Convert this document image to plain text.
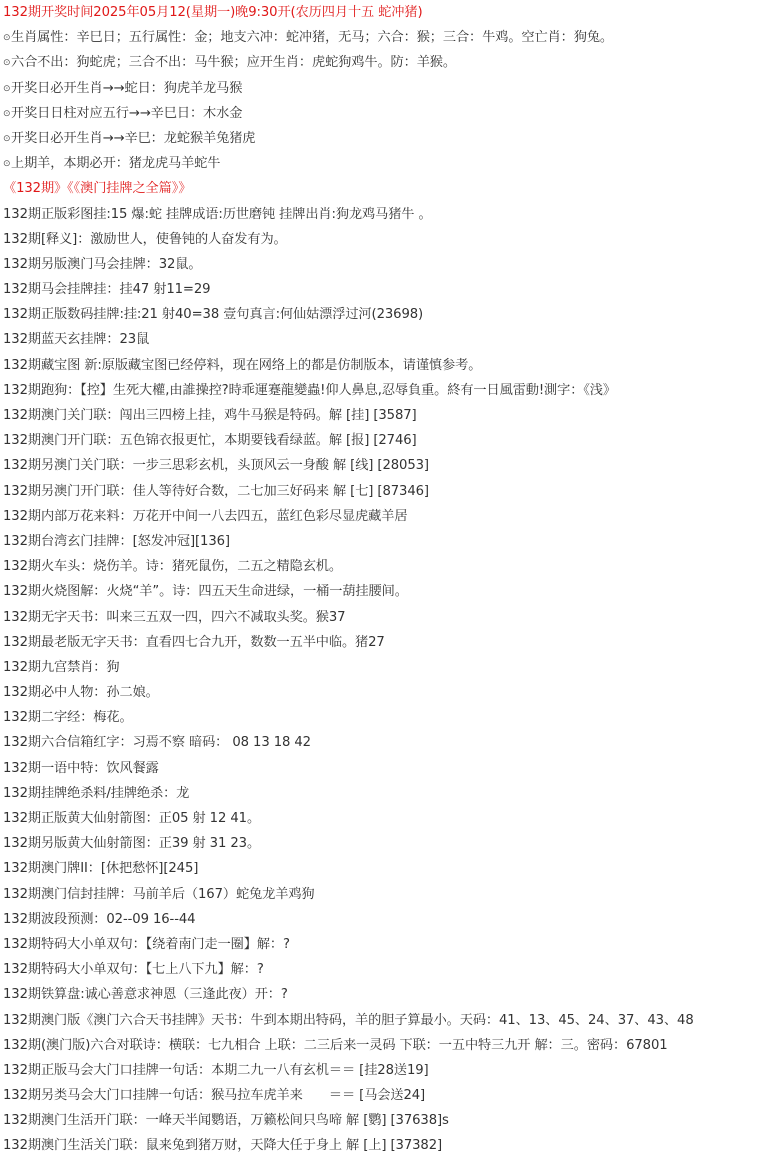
132期开奖时间2025年05月12(星期一)晚9:30开(农历四月十五 蛇冲猪)
⊙生肖属性：辛巳日；五行属性：金；地支六冲：蛇冲猪，无马；六合：猴；三合：牛鸡。空亡肖：狗兔。
⊙六合不出：狗蛇虎；三合不出：马牛猴；应开生肖：虎蛇狗鸡牛。防：羊猴。
⊙开奖日必开生肖→→蛇日：狗虎羊龙马猴
⊙开奖日日柱对应五行→→辛巳日：木水金
⊙开奖日必开生肖→→辛巳：龙蛇猴羊兔猪虎
⊙上期羊，本期必开：猪龙虎马羊蛇牛
《132期》《《澳门挂牌之全篇》》
132期正版彩图挂:15 爆:蛇 挂牌成语:历世磨钝 挂牌出肖:狗龙鸡马猪牛 。
132期[释义]：激励世人，使鲁钝的人奋发有为。
132期另版澳门马会挂牌：32鼠。
132期马会挂牌挂：挂47 射11=29
132期正版数码挂牌:挂:21 射40=38 壹句真言:何仙姑漂浮过河(23698)
132期蓝天玄挂牌：23鼠
132期藏宝图 新:原版藏宝图已经停料，现在网络上的都是仿制版本，请谨慎参考。
132期跑狗：【控】生死大權,由誰操控?時乖運蹇龍變蟲!仰人鼻息,忍辱負重。終有一日風雷動!測字：《浅》
132期澳门关门联：闯出三四榜上挂，鸡牛马猴是特码。解 [挂] [3587]
132期澳门开门联：五色锦衣报更忙，本期要钱看绿蓝。解 [报] [2746]
132期另澳门关门联：一步三思彩玄机，头顶风云一身酸 解 [线] [28053]
132期另澳门开门联：佳人等待好合数，二七加三好码来 解 [七] [87346]
132期内部万花来料：万花开中间一八去四五，蓝红色彩尽显虎藏羊居
132期台湾玄门挂牌：[怒发冲冠][136]
132期火车头：烧伤羊。诗：猪死鼠伤，二五之精隐玄机。
132期火烧图解：火烧“羊”。诗：四五天生命进绿，一桶一葫挂腰间。
132期无字天书：叫来三五双一四，四六不减取头奖。猴37
132期最老版无字天书：直看四七合九开，数数一五半中临。猪27
132期九宫禁肖：狗
132期必中人物：孙二娘。
132期二字经：梅花。
132期六合信箱红字：习焉不察 暗码： 08 13 18 42
132期一语中特：饮风餐露
132期挂牌绝杀料/挂牌绝杀：龙
132期正版黄大仙射箭图：正05 射 12 41。
132期另版黄大仙射箭图：正39 射 31 23。
132期澳门牌II：[休把愁怀][245]
132期澳门信封挂牌：马前羊后（167）蛇兔龙羊鸡狗
132期波段预测：02--09 16--44
132期特码大小单双句：【绕着南门走一圈】解：?
132期特码大小单双句：【七上八下九】解：?
132期铁算盘:诚心善意求神恩（三逢此夜）开：?
132期澳门版《澳门六合天书挂牌》天书：牛到本期出特码，羊的胆子算最小。天码：41、13、45、24、37、43、48
132期(澳门版)六合对联诗：横联：七九相合 上联：二三后来一灵码 下联：一五中特三九开 解：三。密码：67801
132期正版马会大门口挂牌一句话：本期二九一八有玄机＝＝ [挂28送19]
132期另类马会大门口挂牌一句话：猴马拉车虎羊来　　＝＝ [马会送24]
132期澳门生活开门联：一峰天半闻鹦语，万籁松间只鸟啼 解 [鹦] [37638]s
132期澳门生活关门联：鼠来兔到猪万财，天降大任于身上 解 [上] [37382]
